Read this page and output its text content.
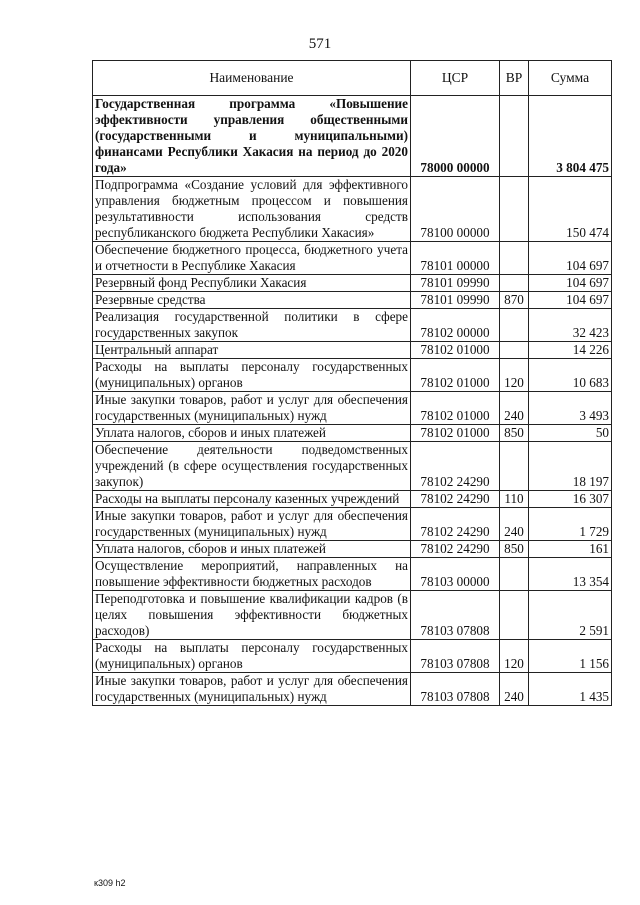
571
Наименование	ЦСР	ВР	Сумма
Государственная программа «Повышение эффективности управления общественными (государственными и муниципальными) финансами Республики Хакасия на период до 2020 года»	78000 00000		3 804 475
Подпрограмма «Создание условий для эффективного управления бюджетным процессом и повышения результативности использования средств республиканского бюджета Республики Хакасия»	78100 00000		150 474
Обеспечение бюджетного процесса, бюджетного учета и отчетности в Республике Хакасия	78101 00000		104 697
Резервный фонд Республики Хакасия	78101 09990		104 697
Резервные средства	78101 09990	870	104 697
Реализация государственной политики в сфере государственных закупок	78102 00000		32 423
Центральный аппарат	78102 01000		14 226
Расходы на выплаты персоналу государственных (муниципальных) органов	78102 01000	120	10 683
Иные закупки товаров, работ и услуг для обеспечения государственных (муниципальных) нужд	78102 01000	240	3 493
Уплата налогов, сборов и иных платежей	78102 01000	850	50
Обеспечение деятельности подведомственных учреждений (в сфере осуществления государственных закупок)	78102 24290		18 197
Расходы на выплаты персоналу казенных учреждений	78102 24290	110	16 307
Иные закупки товаров, работ и услуг для обеспечения государственных (муниципальных) нужд	78102 24290	240	1 729
Уплата налогов, сборов и иных платежей	78102 24290	850	161
Осуществление мероприятий, направленных на повышение эффективности бюджетных расходов	78103 00000		13 354
Переподготовка и повышение квалификации кадров (в целях повышения эффективности бюджетных расходов)	78103 07808		2 591
Расходы на выплаты персоналу государственных (муниципальных) органов	78103 07808	120	1 156
Иные закупки товаров, работ и услуг для обеспечения государственных (муниципальных) нужд	78103 07808	240	1 435
к309 h2
